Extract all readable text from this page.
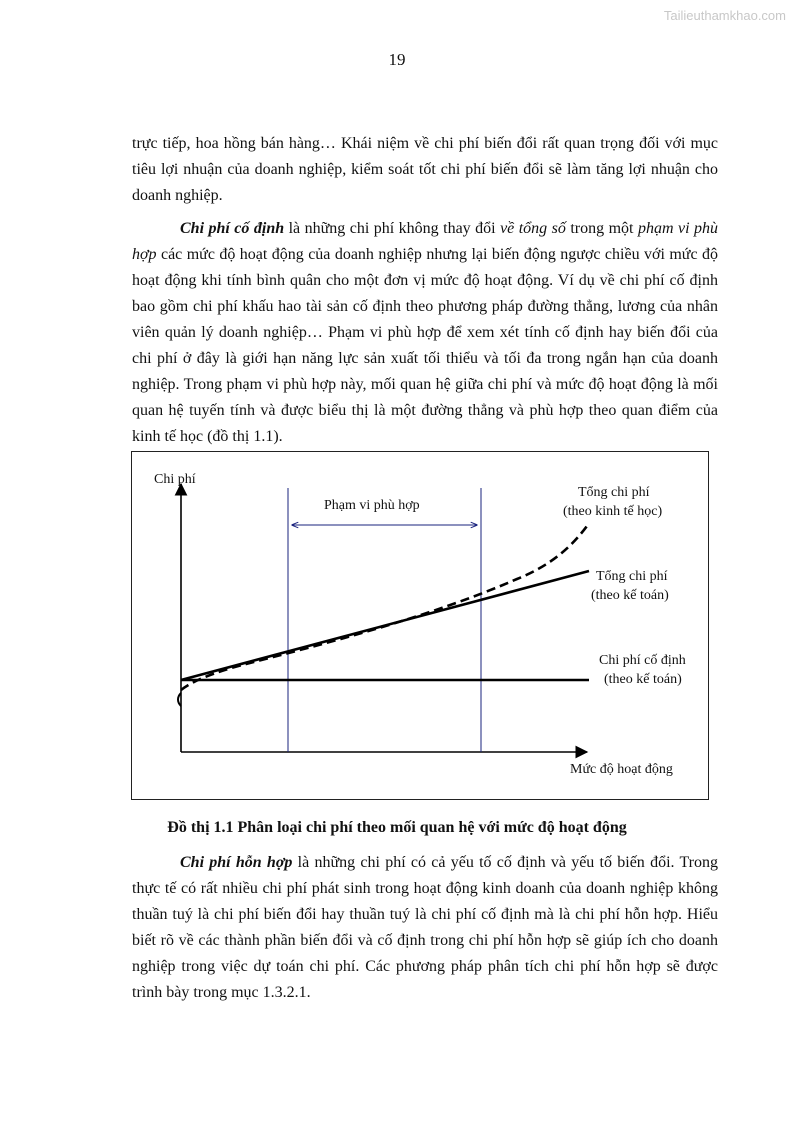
Tailieuthamkhao.com
19

trực tiếp, hoa hồng bán hàng… Khái niệm về chi phí biến đổi rất quan trọng đối với mục tiêu lợi nhuận của doanh nghiệp, kiểm soát tốt chi phí biến đổi sẽ làm tăng lợi nhuận cho doanh nghiệp.

Chi phí cố định là những chi phí không thay đổi về tổng số trong một phạm vi phù hợp các mức độ hoạt động của doanh nghiệp nhưng lại biến động ngược chiều với mức độ hoạt động khi tính bình quân cho một đơn vị mức độ hoạt động. Ví dụ về chi phí cố định bao gồm chi phí khấu hao tài sản cố định theo phương pháp đường thẳng, lương của nhân viên quản lý doanh nghiệp… Phạm vi phù hợp để xem xét tính cố định hay biến đổi của chi phí ở đây là giới hạn năng lực sản xuất tối thiểu và tối đa trong ngắn hạn của doanh nghiệp. Trong phạm vi phù hợp này, mối quan hệ giữa chi phí và mức độ hoạt động là mối quan hệ tuyến tính và được biểu thị là một đường thẳng và phù hợp theo quan điểm của kinh tế học (đồ thị 1.1).

Chi phí
Mức độ hoạt động
Phạm vi phù hợp
Tổng chi phí
(theo kinh tế học)
Tổng chi phí
(theo kế toán)
Chi phí cố định
(theo kế toán)
Đồ thị 1.1 Phân loại chi phí theo mối quan hệ với mức độ hoạt động

Chi phí hỗn hợp là những chi phí có cả yếu tố cố định và yếu tố biến đổi. Trong thực tế có rất nhiều chi phí phát sinh trong hoạt động kinh doanh của doanh nghiệp không thuần tuý là chi phí biến đổi hay thuần tuý là chi phí cố định mà là chi phí hỗn hợp. Hiểu biết rõ về các thành phần biến đổi và cố định trong chi phí hỗn hợp sẽ giúp ích cho doanh nghiệp trong việc dự toán chi phí. Các phương pháp phân tích chi phí hỗn hợp sẽ được trình bày trong mục 1.3.2.1.
